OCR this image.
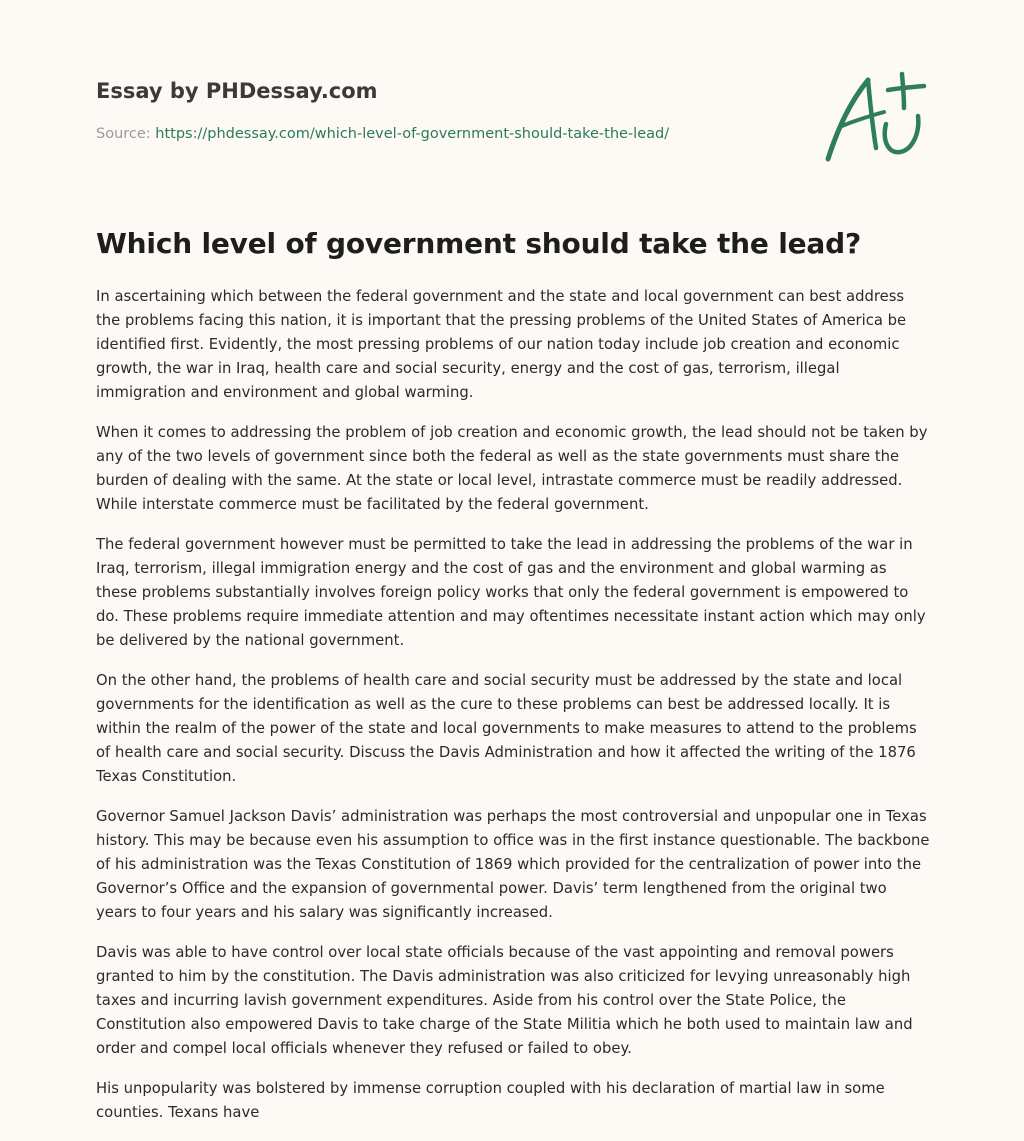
Essay by PHDessay.com
Source: https://phdessay.com/which-level-of-government-should-take-the-lead/
Which level of government should take the lead?

In ascertaining which between the federal government and the state and local government can best address the problems facing this nation, it is important that the pressing problems of the United States of America be identified first. Evidently, the most pressing problems of our nation today include job creation and economic growth, the war in Iraq, health care and social security, energy and the cost of gas, terrorism, illegal immigration and environment and global warming.

When it comes to addressing the problem of job creation and economic growth, the lead should not be taken by any of the two levels of government since both the federal as well as the state governments must share the burden of dealing with the same. At the state or local level, intrastate commerce must be readily addressed. While interstate commerce must be facilitated by the federal government.

The federal government however must be permitted to take the lead in addressing the problems of the war in Iraq, terrorism, illegal immigration energy and the cost of gas and the environment and global warming as these problems substantially involves foreign policy works that only the federal government is empowered to do. These problems require immediate attention and may oftentimes necessitate instant action which may only be delivered by the national government.

On the other hand, the problems of health care and social security must be addressed by the state and local governments for the identification as well as the cure to these problems can best be addressed locally. It is within the realm of the power of the state and local governments to make measures to attend to the problems of health care and social security. Discuss the Davis Administration and how it affected the writing of the 1876 Texas Constitution.

Governor Samuel Jackson Davis’ administration was perhaps the most controversial and unpopular one in Texas history. This may be because even his assumption to office was in the first instance questionable. The backbone of his administration was the Texas Constitution of 1869 which provided for the centralization of power into the Governor’s Office and the expansion of governmental power. Davis’ term lengthened from the original two years to four years and his salary was significantly increased.

Davis was able to have control over local state officials because of the vast appointing and removal powers granted to him by the constitution. The Davis administration was also criticized for levying unreasonably high taxes and incurring lavish government expenditures. Aside from his control over the State Police, the Constitution also empowered Davis to take charge of the State Militia which he both used to maintain law and order and compel local officials whenever they refused or failed to obey.

His unpopularity was bolstered by immense corruption coupled with his declaration of martial law in some counties. Texans have
